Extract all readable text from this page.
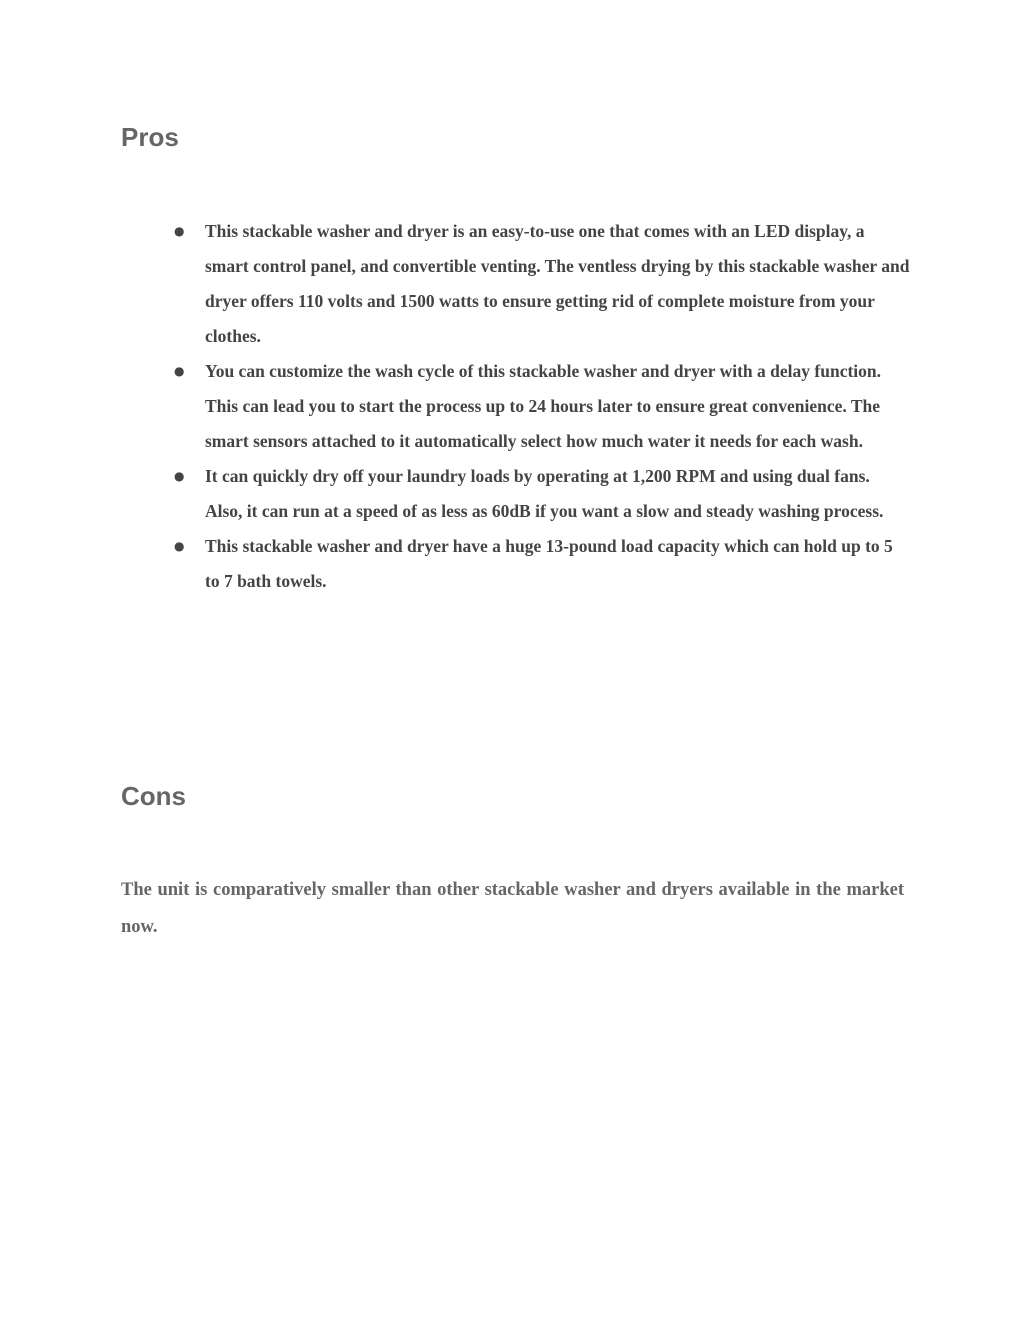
Pros
● This stackable washer and dryer is an easy-to-use one that comes with an LED display, a smart control panel, and convertible venting. The ventless drying by this stackable washer and dryer offers 110 volts and 1500 watts to ensure getting rid of complete moisture from your clothes.
● You can customize the wash cycle of this stackable washer and dryer with a delay function. This can lead you to start the process up to 24 hours later to ensure great convenience. The smart sensors attached to it automatically select how much water it needs for each wash.
● It can quickly dry off your laundry loads by operating at 1,200 RPM and using dual fans. Also, it can run at a speed of as less as 60dB if you want a slow and steady washing process.
● This stackable washer and dryer have a huge 13-pound load capacity which can hold up to 5 to 7 bath towels.
Cons

The unit is comparatively smaller than other stackable washer and dryers available in the market now.
